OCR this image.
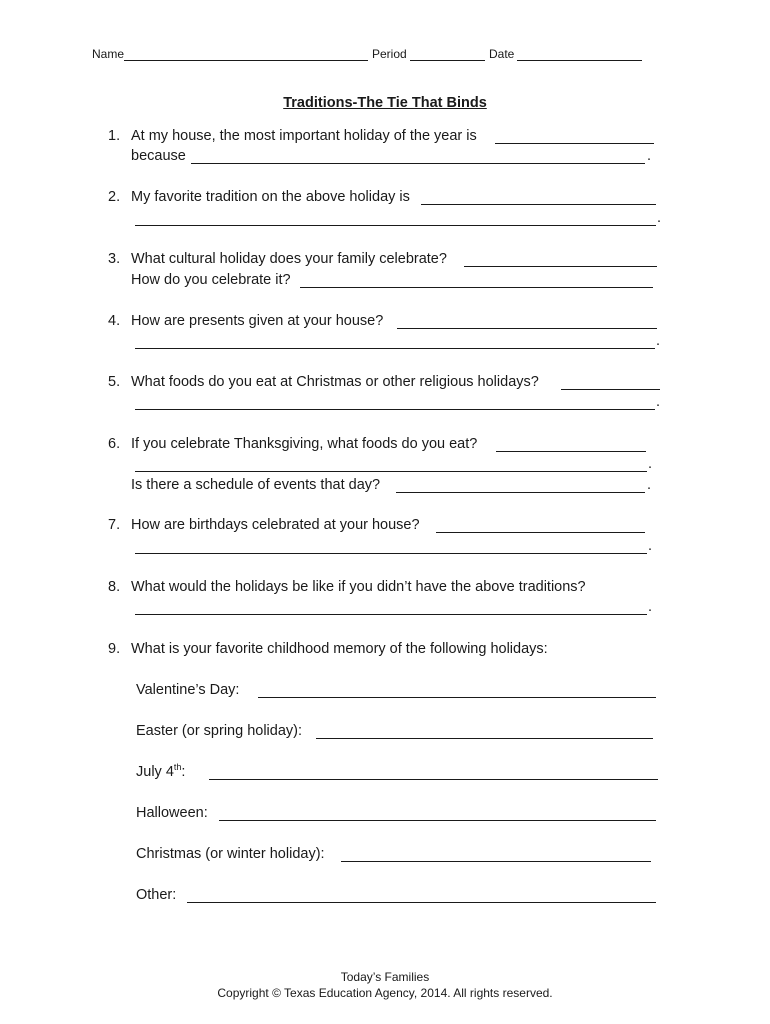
Name	Period	Date
Traditions-The Tie That Binds
1. At my house, the most important holiday of the year is
because	.
2. My favorite tradition on the above holiday is
.
3. What cultural holiday does your family celebrate?
How do you celebrate it?
4. How are presents given at your house?
.
5. What foods do you eat at Christmas or other religious holidays?
.
6. If you celebrate Thanksgiving, what foods do you eat?
.
Is there a schedule of events that day?	.
7. How are birthdays celebrated at your house?
.
8. What would the holidays be like if you didn’t have the above traditions?
.
9. What is your favorite childhood memory of the following holidays:
Valentine’s Day:
Easter (or spring holiday):
July 4th:
Halloween:
Christmas (or winter holiday):
Other:
Today’s Families
Copyright © Texas Education Agency, 2014. All rights reserved.
